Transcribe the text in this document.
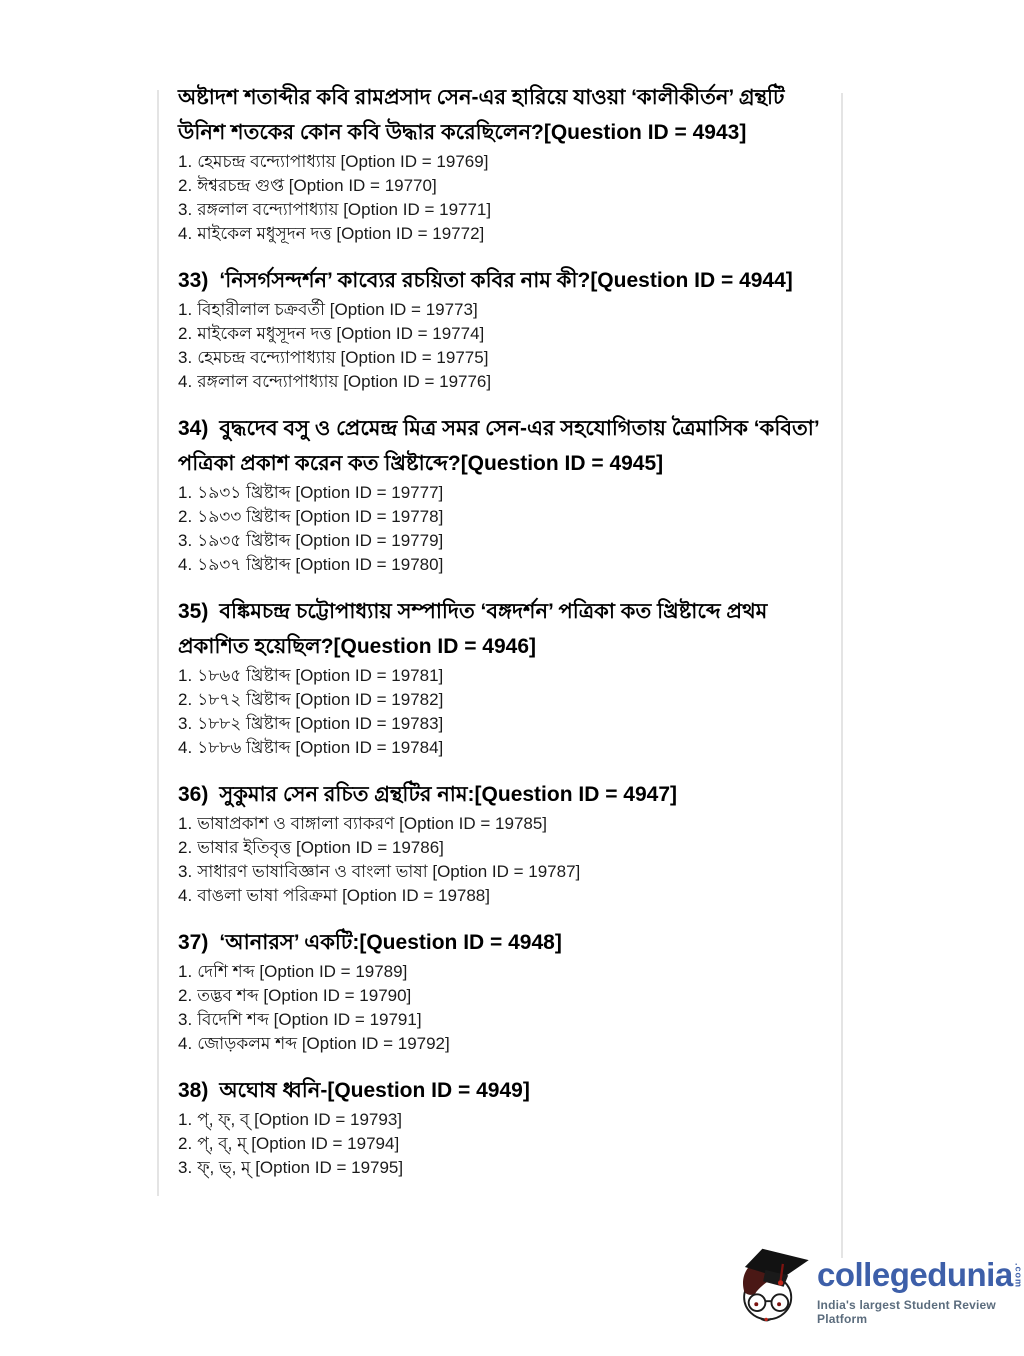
অষ্টাদশ শতাব্দীর কবি রামপ্রসাদ সেন-এর হারিয়ে যাওয়া ‘কালীকীর্তন’ গ্রন্থটি উনিশ শতকের কোন কবি উদ্ধার করেছিলেন?[Question ID = 4943]

1. হেমচন্দ্র বন্দ্যোপাধ্যায় [Option ID = 19769]
2. ঈশ্বরচন্দ্র গুপ্ত [Option ID = 19770]
3. রঙ্গলাল বন্দ্যোপাধ্যায় [Option ID = 19771]
4. মাইকেল মধুসূদন দত্ত [Option ID = 19772]

33) ‘নিসর্গসন্দর্শন’ কাব্যের রচয়িতা কবির নাম কী?[Question ID = 4944]

1. বিহারীলাল চক্রবর্তী [Option ID = 19773]
2. মাইকেল মধুসূদন দত্ত [Option ID = 19774]
3. হেমচন্দ্র বন্দ্যোপাধ্যায় [Option ID = 19775]
4. রঙ্গলাল বন্দ্যোপাধ্যায় [Option ID = 19776]

34) বুদ্ধদেব বসু ও প্রেমেন্দ্র মিত্র সমর সেন-এর সহযোগিতায় ত্রৈমাসিক ‘কবিতা’ পত্রিকা প্রকাশ করেন কত খ্রিষ্টাব্দে?[Question ID = 4945]

1. ১৯৩১ খ্রিষ্টাব্দ [Option ID = 19777]
2. ১৯৩৩ খ্রিষ্টাব্দ [Option ID = 19778]
3. ১৯৩৫ খ্রিষ্টাব্দ [Option ID = 19779]
4. ১৯৩৭ খ্রিষ্টাব্দ [Option ID = 19780]

35) বঙ্কিমচন্দ্র চট্টোপাধ্যায় সম্পাদিত ‘বঙ্গদর্শন’ পত্রিকা কত খ্রিষ্টাব্দে প্রথম প্রকাশিত হয়েছিল?[Question ID = 4946]

1. ১৮৬৫ খ্রিষ্টাব্দ [Option ID = 19781]
2. ১৮৭২ খ্রিষ্টাব্দ [Option ID = 19782]
3. ১৮৮২ খ্রিষ্টাব্দ [Option ID = 19783]
4. ১৮৮৬ খ্রিষ্টাব্দ [Option ID = 19784]

36) সুকুমার সেন রচিত গ্রন্থটির নাম:[Question ID = 4947]

1. ভাষাপ্রকাশ ও বাঙ্গালা ব্যাকরণ [Option ID = 19785]
2. ভাষার ইতিবৃত্ত [Option ID = 19786]
3. সাধারণ ভাষাবিজ্ঞান ও বাংলা ভাষা [Option ID = 19787]
4. বাঙলা ভাষা পরিক্রমা [Option ID = 19788]

37) ‘আনারস’ একটি:[Question ID = 4948]

1. দেশি শব্দ [Option ID = 19789]
2. তদ্ভব শব্দ [Option ID = 19790]
3. বিদেশি শব্দ [Option ID = 19791]
4. জোড়কলম শব্দ [Option ID = 19792]

38) অঘোষ ধ্বনি-[Question ID = 4949]

1. প্, ফ্, ব্ [Option ID = 19793]
2. প্, ব্, ম্ [Option ID = 19794]
3. ফ্, ভ্, ম্ [Option ID = 19795]
collegedunia .com
India's largest Student Review Platform
